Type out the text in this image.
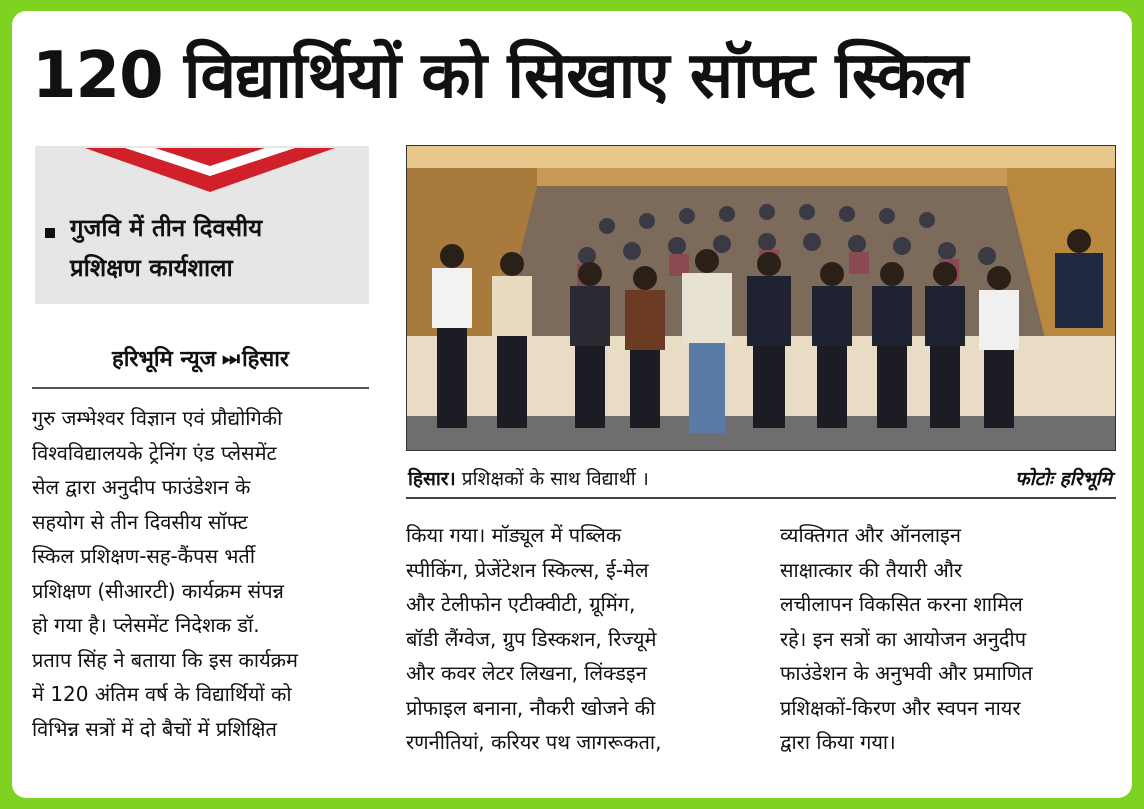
120 विद्यार्थियों को सिखाए सॉफ्ट स्किल
गुजवि में तीन दिवसीय
प्रशिक्षण कार्यशाला
हरिभूमि न्यूज ⏭ हिसार
गुरु जम्भेश्वर विज्ञान एवं प्रौद्योगिकी
विश्वविद्यालयके ट्रेनिंग एंड प्लेसमेंट
सेल द्वारा अनुदीप फाउंडेशन के
सहयोग से तीन दिवसीय सॉफ्ट
स्किल प्रशिक्षण-सह-कैंपस भर्ती
प्रशिक्षण (सीआरटी) कार्यक्रम संपन्न
हो गया है। प्लेसमेंट निदेशक डॉ.
प्रताप सिंह ने बताया कि इस कार्यक्रम
में 120 अंतिम वर्ष के विद्यार्थियों को
विभिन्न सत्रों में दो बैचों में प्रशिक्षित
हिसार। प्रशिक्षकों के साथ विद्यार्थी ।	फोटोः हरिभूमि
किया गया। मॉड्यूल में पब्लिक
स्पीकिंग, प्रेजेंटेशन स्किल्स, ई-मेल
और टेलीफोन एटीक्वीटी, ग्रूमिंग,
बॉडी लैंग्वेज, ग्रुप डिस्कशन, रिज्यूमे
और कवर लेटर लिखना, लिंक्डइन
प्रोफाइल बनाना, नौकरी खोजने की
रणनीतियां, करियर पथ जागरूकता,
व्यक्तिगत और ऑनलाइन
साक्षात्कार की तैयारी और
लचीलापन विकसित करना शामिल
रहे। इन सत्रों का आयोजन अनुदीप
फाउंडेशन के अनुभवी और प्रमाणित
प्रशिक्षकों-किरण और स्वपन नायर
द्वारा किया गया।
